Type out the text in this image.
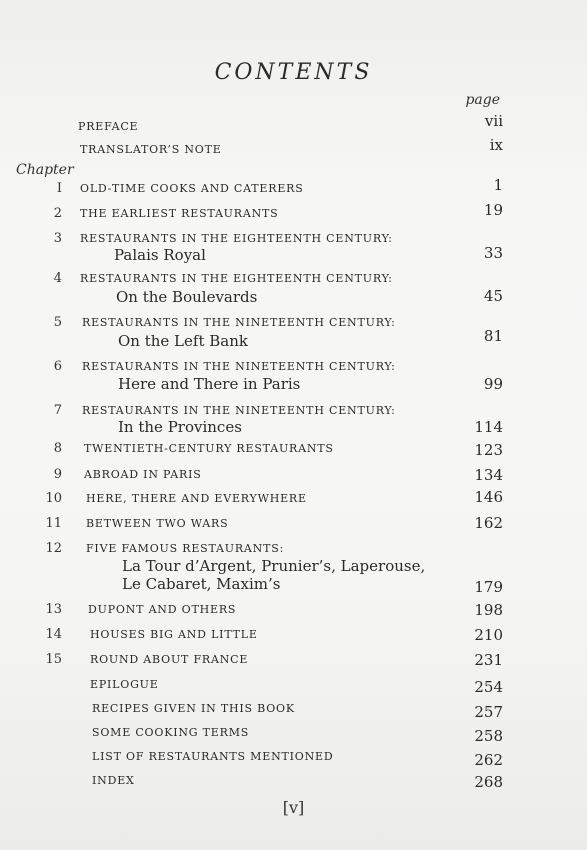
CONTENTS
page
Chapter
PREFACE	vii
TRANSLATOR’S NOTE	ix
I OLD-TIME COOKS AND CATERERS	1
2 THE EARLIEST RESTAURANTS	19
3 RESTAURANTS IN THE EIGHTEENTH CENTURY:
Palais Royal	33
4 RESTAURANTS IN THE EIGHTEENTH CENTURY:
On the Boulevards	45
5 RESTAURANTS IN THE NINETEENTH CENTURY:
On the Left Bank	81
6 RESTAURANTS IN THE NINETEENTH CENTURY:
Here and There in Paris	99
7 RESTAURANTS IN THE NINETEENTH CENTURY:
In the Provinces	114
8 TWENTIETH-CENTURY RESTAURANTS	123
9 ABROAD IN PARIS	134
10 HERE, THERE AND EVERYWHERE	146
11 BETWEEN TWO WARS	162
12 FIVE FAMOUS RESTAURANTS:
La Tour d’Argent, Prunier’s, Laperouse,
Le Cabaret, Maxim’s	179
13 DUPONT AND OTHERS	198
14	HOUSES BIG AND LITTLE	210
15	ROUND ABOUT FRANCE	231
EPILOGUE	254
RECIPES GIVEN IN THIS BOOK	257
SOME COOKING TERMS	258
LIST OF RESTAURANTS MENTIONED	262
INDEX	268
[v]
